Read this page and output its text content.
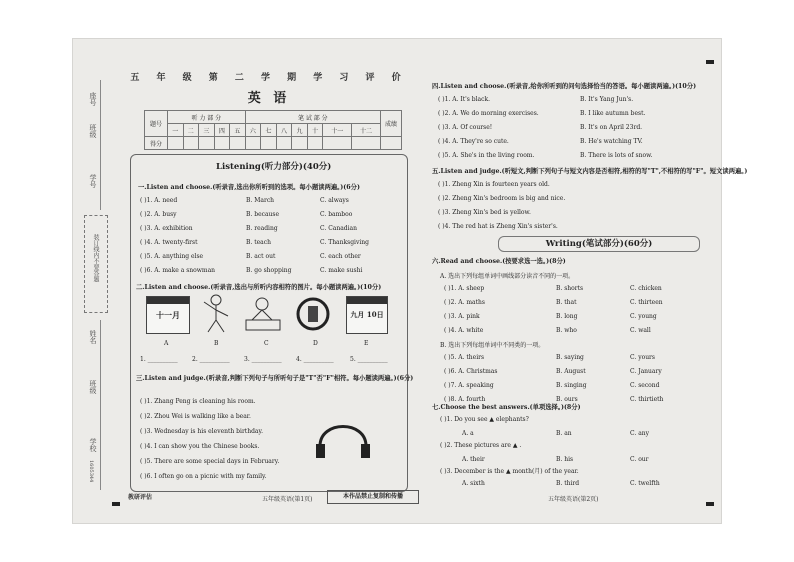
座号
班级
学号
装订线内不要答题
姓名
班级
学校
1605344
五 年 级 第 二 学 期 学 习 评 价
英 语
题号	听 力 部 分					笔 试 部 分							成绩
	一	二	三	四	五	六	七	八	九	十	十一	十二	
得分													
Listening(听力部分)(40分)
一.Listen and choose.(听录音,选出你所听到的选项。每小题读两遍。)(6分)
( )1. A. need	B. March	C. always
( )2. A. busy	B. because	C. bamboo
( )3. A. exhibition	B. reading	C. Canadian
( )4. A. twenty-first	B. teach	C. Thanksgiving
( )5. A. anything else	B. act out	C. each other
( )6. A. make a snowman	B. go shopping	C. make sushi
二.Listen and choose.(听录音,选出与所听内容相符的图片。每小题读两遍。)(10分)
十一月	九月 10日
A	B	C	D	E
1. __________ 2. __________ 3. __________ 4. __________	5. __________
三.Listen and judge.(听录音,判断下列句子与所听句子是"T"否"F"相符。每小题读两遍。)(6分)
( )1. Zhang Peng is cleaning his room.
( )2. Zhou Wei is walking like a bear.
( )3. Wednesday is his eleventh birthday.
( )4. I can show you the Chinese books.
( )5. There are some special days in February.
( )6. I often go on a picnic with my family.
四.Listen and choose.(听录音,给你所听到的问句选择恰当的答语。每小题读两遍。)(10分)
( )1. A. It's black.	B. It's Yang Jun's.
( )2. A. We do morning exercises.	B. I like autumn best.
( )3. A. Of course!	B. It's on April 23rd.
( )4. A. They're so cute.	B. He's watching TV.
( )5. A. She's in the living room.	B. There is lots of snow.
五.Listen and judge.(听短文,判断下列句子与短文内容是否相符,相符的写"T",不相符的写"F"。短文读两遍。)
( )1. Zheng Xin is fourteen years old.
( )2. Zheng Xin's bedroom is big and nice.
( )3. Zheng Xin's bed is yellow.
( )4. The red hat is Zheng Xin's sister's.
Writing(笔试部分)(60分)
六.Read and choose.(按要求选一选。)(8分)
A. 选出下列每组单词中画线部分读音不同的一项。
( )1. A. sheep	B. shorts	C. chicken
( )2. A. maths	B. that	C. thirteen
( )3. A. pink	B. long	C. young
( )4. A. white	B. who	C. wall
B. 选出下列每组单词中不同类的一项。
( )5. A. theirs	B. saying	C. yours
( )6. A. Christmas	B. August	C. January
( )7. A. speaking	B. singing	C. second
( )8. A. fourth	B. ours	C. thirtieth
七.Choose the best answers.(单项选择。)(8分)
( )1. Do you see ▲ elephants?
A. a	B. an	C. any
( )2. These pictures are ▲ .
A. their	B. his	C. our
( )3. December is the ▲ month(月) of the year.
A. sixth	B. third	C. twelfth
教研评估	五年级英语(第1页)	本作品禁止复制和传播	五年级英语(第2页)
